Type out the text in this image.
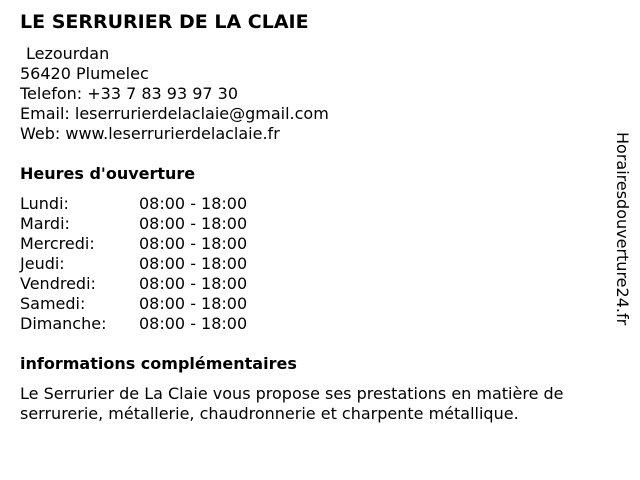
LE SERRURIER DE LA CLAIE
Lezourdan
56420 Plumelec
Telefon: +33 7 83 93 97 30
Email: leserrurierdelaclaie@gmail.com
Web: www.leserrurierdelaclaie.fr
Heures d'ouverture
Lundi:	08:00 - 18:00
Mardi:	08:00 - 18:00
Mercredi:	08:00 - 18:00
Jeudi:	08:00 - 18:00
Vendredi:	08:00 - 18:00
Samedi:	08:00 - 18:00
Dimanche:	08:00 - 18:00
informations complémentaires
Le Serrurier de La Claie vous propose ses prestations en matière de serrurerie, métallerie, chaudronnerie et charpente métallique.
Horairesdouverture24.fr
